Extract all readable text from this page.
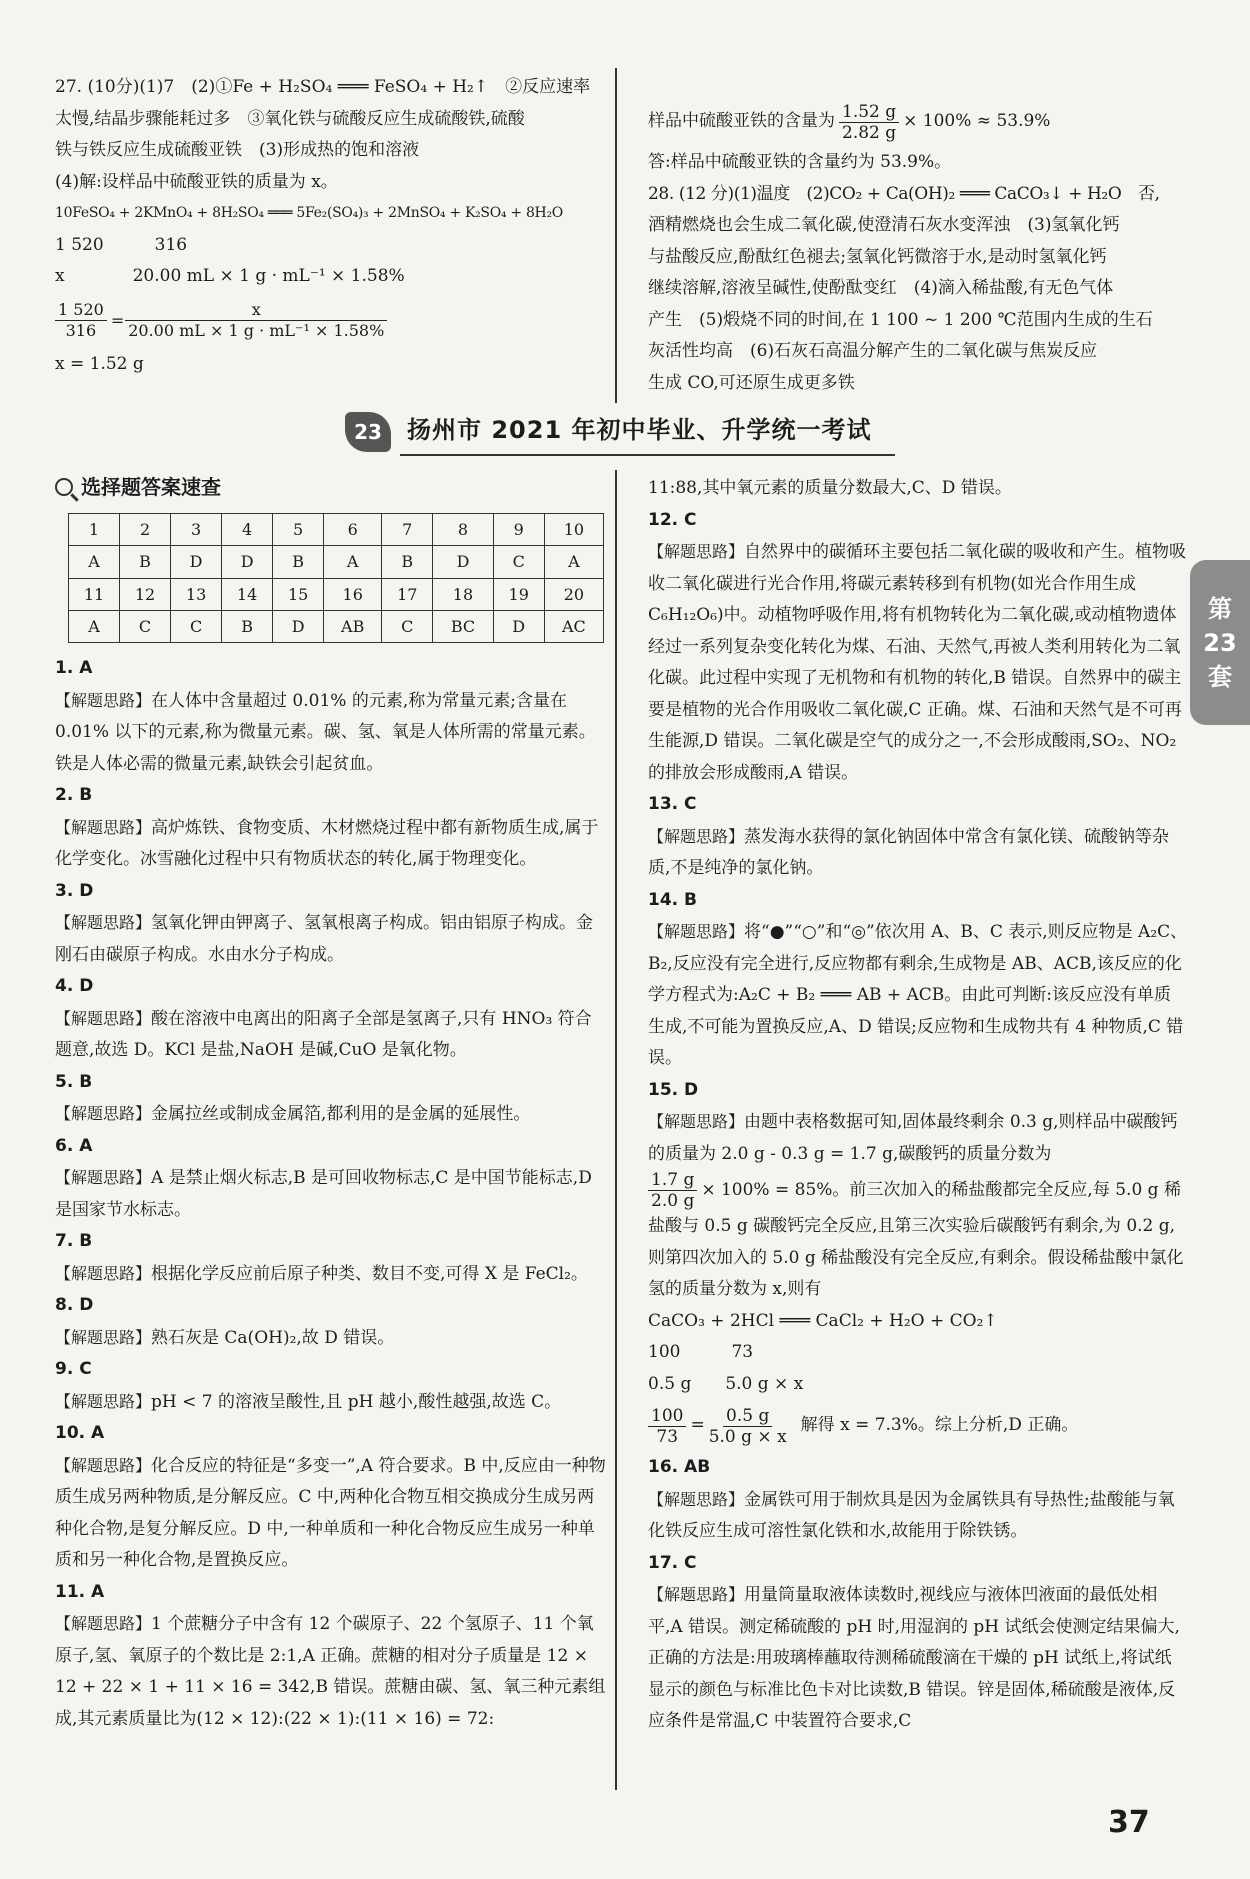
27. (10分)(1)7　(2)①Fe + H₂SO₄ ═══ FeSO₄ + H₂↑　②反应速率

太慢,结晶步骤能耗过多　③氧化铁与硫酸反应生成硫酸铁,硫酸

铁与铁反应生成硫酸亚铁　(3)形成热的饱和溶液

(4)解:设样品中硫酸亚铁的质量为 x。

10FeSO₄ + 2KMnO₄ + 8H₂SO₄ ═══ 5Fe₂(SO₄)₃ + 2MnSO₄ + K₂SO₄ + 8H₂O

1 520　　　316

x　　　　20.00 mL × 1 g · mL⁻¹ × 1.58%

$\frac{1 520}{316} = \frac{x}{\text{20.00 mL × 1 g · mL⁻¹ × 1.58\%}}$

x = 1.52 g

样品中硫酸亚铁的含量为 $\frac{1.52 g}{2.82 g} \times 100\% \approx 53.9\%$

答:样品中硫酸亚铁的含量约为 53.9%。

28. (12 分)(1)温度　(2)CO₂ + Ca(OH)₂ ═══ CaCO₃↓ + H₂O　否,

酒精燃烧也会生成二氧化碳,使澄清石灰水变浑浊　(3)氢氧化钙

与盐酸反应,酚酞红色褪去;氢氧化钙微溶于水,是动时氢氧化钙

继续溶解,溶液呈碱性,使酚酞变红　(4)滴入稀盐酸,有无色气体

产生　(5)煅烧不同的时间,在 1 100 ~ 1 200 ℃范围内生成的生石

灰活性均高　(6)石灰石高温分解产生的二氧化碳与焦炭反应

生成 CO,可还原生成更多铁

23	扬州市 2021 年初中毕业、升学统一考试
选择题答案速查
1	2	3	4	5	6	7	8	9	10
A	B	D	D	B	A	B	D	C	A
11	12	13	14	15	16	17	18	19	20
A	C	C	B	D	AB	C	BC	D	AC

1. A

【解题思路】在人体中含量超过 0.01% 的元素,称为常量元素;含量在 0.01% 以下的元素,称为微量元素。碳、氢、氧是人体所需的常量元素。铁是人体必需的微量元素,缺铁会引起贫血。

2. B

【解题思路】高炉炼铁、食物变质、木材燃烧过程中都有新物质生成,属于化学变化。冰雪融化过程中只有物质状态的转化,属于物理变化。

3. D

【解题思路】氢氧化钾由钾离子、氢氧根离子构成。铝由铝原子构成。金刚石由碳原子构成。水由水分子构成。

4. D

【解题思路】酸在溶液中电离出的阳离子全部是氢离子,只有 HNO₃ 符合题意,故选 D。KCl 是盐,NaOH 是碱,CuO 是氧化物。

5. B

【解题思路】金属拉丝或制成金属箔,都利用的是金属的延展性。

6. A

【解题思路】A 是禁止烟火标志,B 是可回收物标志,C 是中国节能标志,D 是国家节水标志。

7. B

【解题思路】根据化学反应前后原子种类、数目不变,可得 X 是 FeCl₂。

8. D

【解题思路】熟石灰是 Ca(OH)₂,故 D 错误。

9. C

【解题思路】pH < 7 的溶液呈酸性,且 pH 越小,酸性越强,故选 C。

10. A

【解题思路】化合反应的特征是“多变一”,A 符合要求。B 中,反应由一种物质生成另两种物质,是分解反应。C 中,两种化合物互相交换成分生成另两种化合物,是复分解反应。D 中,一种单质和一种化合物反应生成另一种单质和另一种化合物,是置换反应。

11. A

【解题思路】1 个蔗糖分子中含有 12 个碳原子、22 个氢原子、11 个氧原子,氢、氧原子的个数比是 2:1,A 正确。蔗糖的相对分子质量是 12 × 12 + 22 × 1 + 11 × 16 = 342,B 错误。蔗糖由碳、氢、氧三种元素组成,其元素质量比为(12 × 12):(22 × 1):(11 × 16) = 72:

11:88,其中氧元素的质量分数最大,C、D 错误。

12. C

【解题思路】自然界中的碳循环主要包括二氧化碳的吸收和产生。植物吸收二氧化碳进行光合作用,将碳元素转移到有机物(如光合作用生成 C₆H₁₂O₆)中。动植物呼吸作用,将有机物转化为二氧化碳,或动植物遗体经过一系列复杂变化转化为煤、石油、天然气,再被人类利用转化为二氧化碳。此过程中实现了无机物和有机物的转化,B 错误。自然界中的碳主要是植物的光合作用吸收二氧化碳,C 正确。煤、石油和天然气是不可再生能源,D 错误。二氧化碳是空气的成分之一,不会形成酸雨,SO₂、NO₂ 的排放会形成酸雨,A 错误。

13. C

【解题思路】蒸发海水获得的氯化钠固体中常含有氯化镁、硫酸钠等杂质,不是纯净的氯化钠。

14. B

【解题思路】将“●”“○”和“◎”依次用 A、B、C 表示,则反应物是 A₂C、B₂,反应没有完全进行,反应物都有剩余,生成物是 AB、ACB,该反应的化学方程式为:A₂C + B₂ ═══ AB + ACB。由此可判断:该反应没有单质生成,不可能为置换反应,A、D 错误;反应物和生成物共有 4 种物质,C 错误。

15. D

【解题思路】由题中表格数据可知,固体最终剩余 0.3 g,则样品中碳酸钙的质量为 2.0 g - 0.3 g = 1.7 g,碳酸钙的质量分数为

$\frac{1.7 g}{2.0 g} \times 100\% = 85\%$。前三次加入的稀盐酸都完全反应,每 5.0 g 稀盐酸与 0.5 g 碳酸钙完全反应,且第三次实验后碳酸钙有剩余,为 0.2 g,则第四次加入的 5.0 g 稀盐酸没有完全反应,有剩余。假设稀盐酸中氯化氢的质量分数为 x,则有

CaCO₃ + 2HCl ═══ CaCl₂ + H₂O + CO₂↑

100　　　73

0.5 g　　5.0 g × x

$\frac{100}{73} = \frac{0.5 g}{5.0 g \times x}$ 解得 x = 7.3%。综上分析,D 正确。

16. AB

【解题思路】金属铁可用于制炊具是因为金属铁具有导热性;盐酸能与氧化铁反应生成可溶性氯化铁和水,故能用于除铁锈。

17. C

【解题思路】用量筒量取液体读数时,视线应与液体凹液面的最低处相平,A 错误。测定稀硫酸的 pH 时,用湿润的 pH 试纸会使测定结果偏大,正确的方法是:用玻璃棒蘸取待测稀硫酸滴在干燥的 pH 试纸上,将试纸显示的颜色与标准比色卡对比读数,B 错误。锌是固体,稀硫酸是液体,反应条件是常温,C 中装置符合要求,C

第
23
套
37
